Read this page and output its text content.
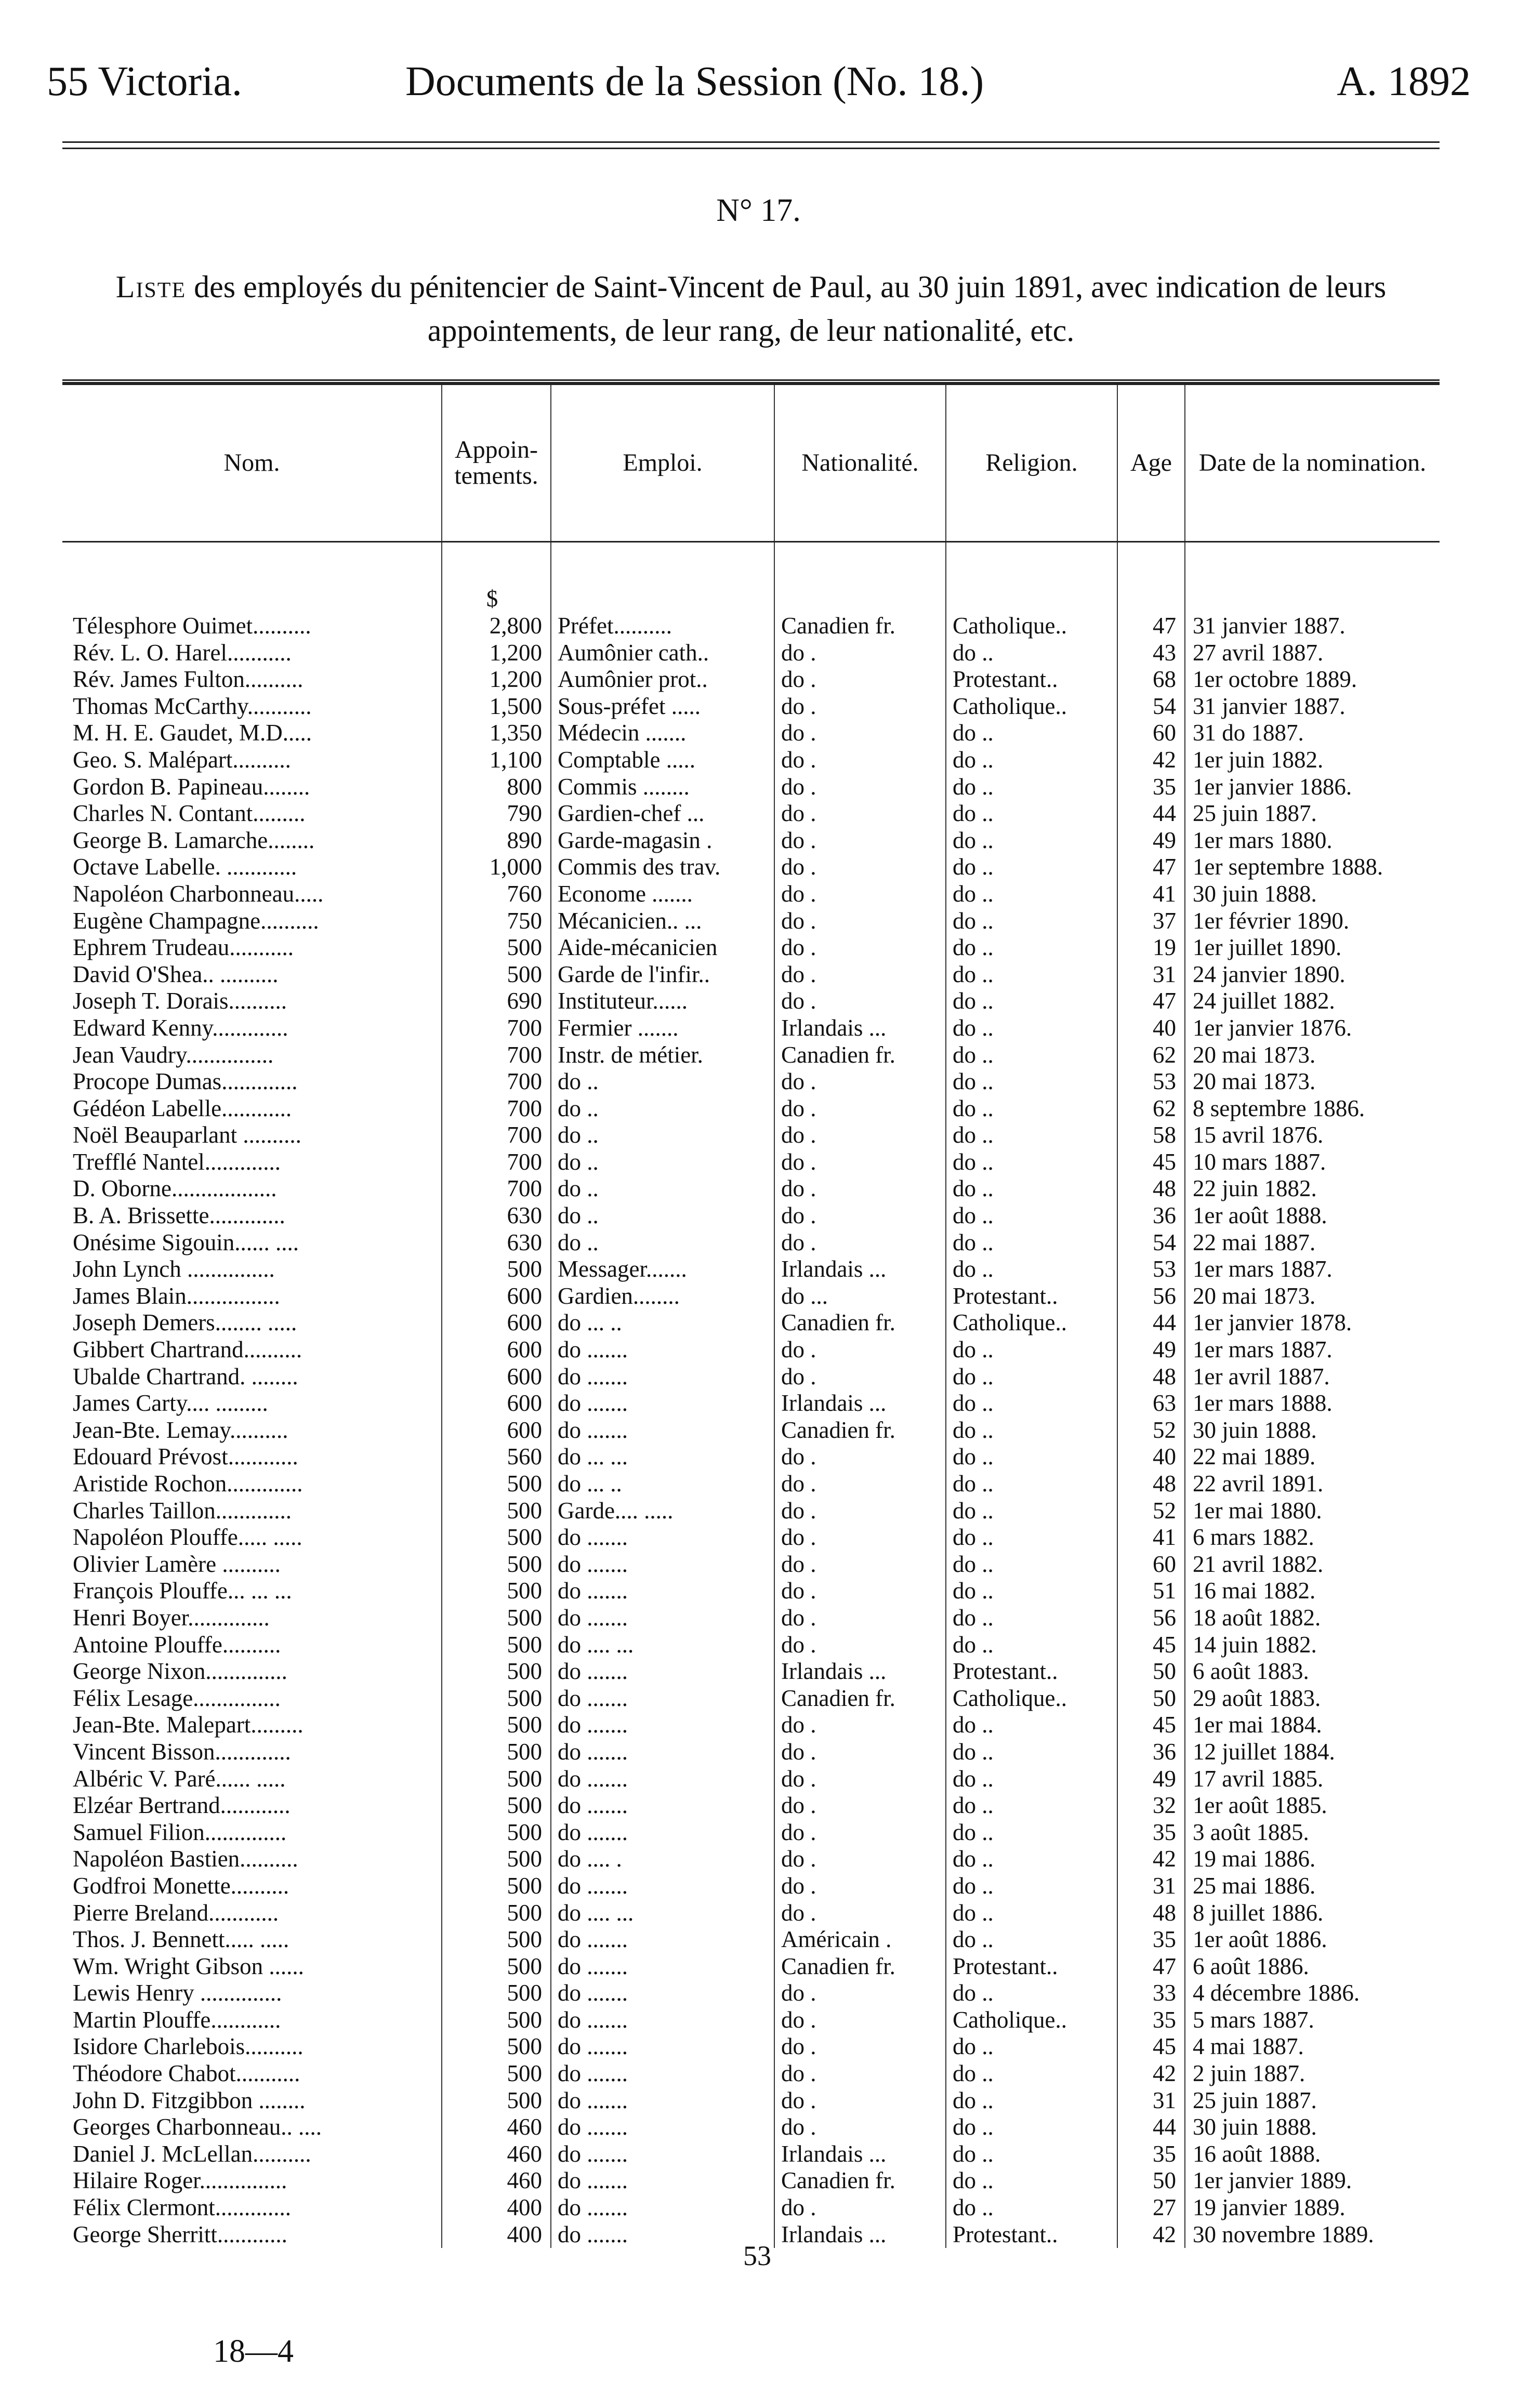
55 Victoria.	Documents de la Session (No. 18.)	A. 1892
N° 17.
Liste des employés du pénitencier de Saint-Vincent de Paul, au 30 juin 1891, avec indication de leurs appointements, de leur rang, de leur nationalité, etc.

Nom.	Appoin-tements.	Emploi.	Nationalité.	Religion.	Age	Date de la nomination.

	$					
Télesphore Ouimet..........	2,800	Préfet..........	Canadien fr.	Catholique..	47	31 janvier 1887.
Rév. L. O. Harel...........	1,200	Aumônier cath..	do .	do ..	43	27 avril 1887.
Rév. James Fulton..........	1,200	Aumônier prot..	do .	Protestant..	68	1er octobre 1889.
Thomas McCarthy...........	1,500	Sous-préfet .....	do .	Catholique..	54	31 janvier 1887.
M. H. E. Gaudet, M.D.....	1,350	Médecin .......	do .	do ..	60	31 do 1887.
Geo. S. Malépart..........	1,100	Comptable .....	do .	do ..	42	1er juin 1882.
Gordon B. Papineau........	800	Commis ........	do .	do ..	35	1er janvier 1886.
Charles N. Contant.........	790	Gardien-chef ...	do .	do ..	44	25 juin 1887.
George B. Lamarche........	890	Garde-magasin .	do .	do ..	49	1er mars 1880.
Octave Labelle. ............	1,000	Commis des trav.	do .	do ..	47	1er septembre 1888.
Napoléon Charbonneau.....	760	Econome .......	do .	do ..	41	30 juin 1888.
Eugène Champagne..........	750	Mécanicien.. ...	do .	do ..	37	1er février 1890.
Ephrem Trudeau...........	500	Aide-mécanicien	do .	do ..	19	1er juillet 1890.
David O'Shea.. ..........	500	Garde de l'infir..	do .	do ..	31	24 janvier 1890.
Joseph T. Dorais..........	690	Instituteur......	do .	do ..	47	24 juillet 1882.
Edward Kenny.............	700	Fermier .......	Irlandais ...	do ..	40	1er janvier 1876.
Jean Vaudry...............	700	Instr. de métier.	Canadien fr.	do ..	62	20 mai 1873.
Procope Dumas.............	700	do ..	do .	do ..	53	20 mai 1873.
Gédéon Labelle............	700	do ..	do .	do ..	62	8 septembre 1886.
Noël Beauparlant ..........	700	do ..	do .	do ..	58	15 avril 1876.
Trefflé Nantel.............	700	do ..	do .	do ..	45	10 mars 1887.
D. Oborne..................	700	do ..	do .	do ..	48	22 juin 1882.
B. A. Brissette.............	630	do ..	do .	do ..	36	1er août 1888.
Onésime Sigouin...... ....	630	do ..	do .	do ..	54	22 mai 1887.
John Lynch ...............	500	Messager.......	Irlandais ...	do ..	53	1er mars 1887.
James Blain................	600	Gardien........	do ...	Protestant..	56	20 mai 1873.
Joseph Demers........ .....	600	do ... ..	Canadien fr.	Catholique..	44	1er janvier 1878.
Gibbert Chartrand..........	600	do .......	do .	do ..	49	1er mars 1887.
Ubalde Chartrand. ........	600	do .......	do .	do ..	48	1er avril 1887.
James Carty.... .........	600	do .......	Irlandais ...	do ..	63	1er mars 1888.
Jean-Bte. Lemay..........	600	do .......	Canadien fr.	do ..	52	30 juin 1888.
Edouard Prévost............	560	do ... ...	do .	do ..	40	22 mai 1889.
Aristide Rochon.............	500	do ... ..	do .	do ..	48	22 avril 1891.
Charles Taillon.............	500	Garde.... .....	do .	do ..	52	1er mai 1880.
Napoléon Plouffe..... .....	500	do .......	do .	do ..	41	6 mars 1882.
Olivier Lamère ..........	500	do .......	do .	do ..	60	21 avril 1882.
François Plouffe... ... ...	500	do .......	do .	do ..	51	16 mai 1882.
Henri Boyer..............	500	do .......	do .	do ..	56	18 août 1882.
Antoine Plouffe..........	500	do .... ...	do .	do ..	45	14 juin 1882.
George Nixon..............	500	do .......	Irlandais ...	Protestant..	50	6 août 1883.
Félix Lesage...............	500	do .......	Canadien fr.	Catholique..	50	29 août 1883.
Jean-Bte. Malepart.........	500	do .......	do .	do ..	45	1er mai 1884.
Vincent Bisson.............	500	do .......	do .	do ..	36	12 juillet 1884.
Albéric V. Paré...... .....	500	do .......	do .	do ..	49	17 avril 1885.
Elzéar Bertrand............	500	do .......	do .	do ..	32	1er août 1885.
Samuel Filion..............	500	do .......	do .	do ..	35	3 août 1885.
Napoléon Bastien..........	500	do .... .	do .	do ..	42	19 mai 1886.
Godfroi Monette..........	500	do .......	do .	do ..	31	25 mai 1886.
Pierre Breland............	500	do .... ...	do .	do ..	48	8 juillet 1886.
Thos. J. Bennett..... .....	500	do .......	Américain .	do ..	35	1er août 1886.
Wm. Wright Gibson ......	500	do .......	Canadien fr.	Protestant..	47	6 août 1886.
Lewis Henry ..............	500	do .......	do .	do ..	33	4 décembre 1886.
Martin Plouffe............	500	do .......	do .	Catholique..	35	5 mars 1887.
Isidore Charlebois..........	500	do .......	do .	do ..	45	4 mai 1887.
Théodore Chabot...........	500	do .......	do .	do ..	42	2 juin 1887.
John D. Fitzgibbon ........	500	do .......	do .	do ..	31	25 juin 1887.
Georges Charbonneau.. ....	460	do .......	do .	do ..	44	30 juin 1888.
Daniel J. McLellan..........	460	do .......	Irlandais ...	do ..	35	16 août 1888.
Hilaire Roger...............	460	do .......	Canadien fr.	do ..	50	1er janvier 1889.
Félix Clermont.............	400	do .......	do .	do ..	27	19 janvier 1889.
George Sherritt............	400	do .......	Irlandais ...	Protestant..	42	30 novembre 1889.
53
18—4
